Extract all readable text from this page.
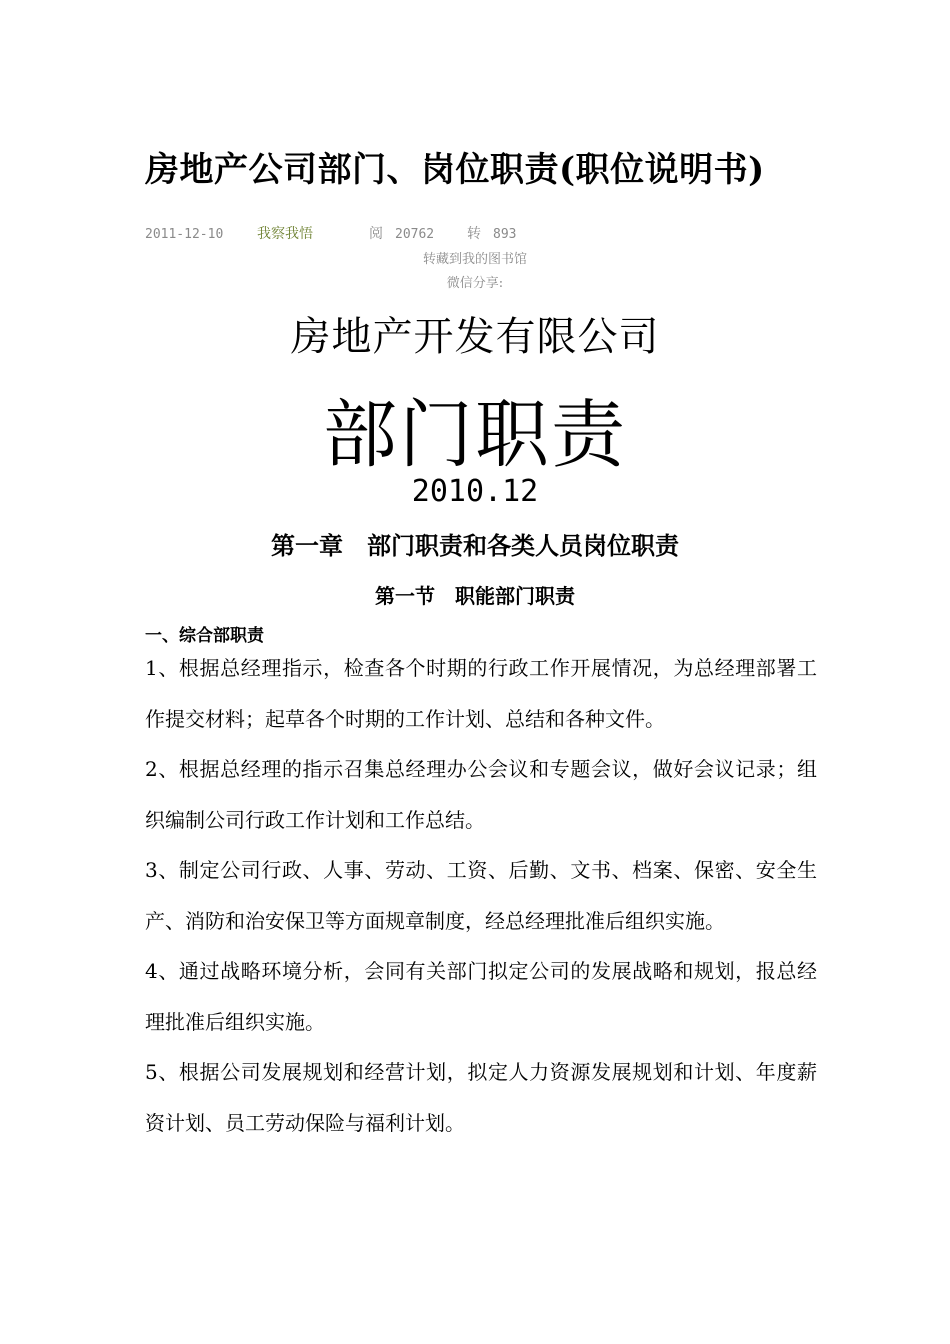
房地产公司部门、岗位职责(职位说明书)
2011-12-10 我察我悟	阅 20762 转 893
转藏到我的图书馆
微信分享:
房地产开发有限公司
部门职责
2010.12
第一章　部门职责和各类人员岗位职责
第一节　职能部门职责
一、综合部职责

1、根据总经理指示，检查各个时期的行政工作开展情况，为总经理部署工作提交材料；起草各个时期的工作计划、总结和各种文件。

2、根据总经理的指示召集总经理办公会议和专题会议，做好会议记录；组织编制公司行政工作计划和工作总结。

3、制定公司行政、人事、劳动、工资、后勤、文书、档案、保密、安全生产、消防和治安保卫等方面规章制度，经总经理批准后组织实施。

4、通过战略环境分析，会同有关部门拟定公司的发展战略和规划，报总经理批准后组织实施。

5、根据公司发展规划和经营计划，拟定人力资源发展规划和计划、年度薪资计划、员工劳动保险与福利计划。
